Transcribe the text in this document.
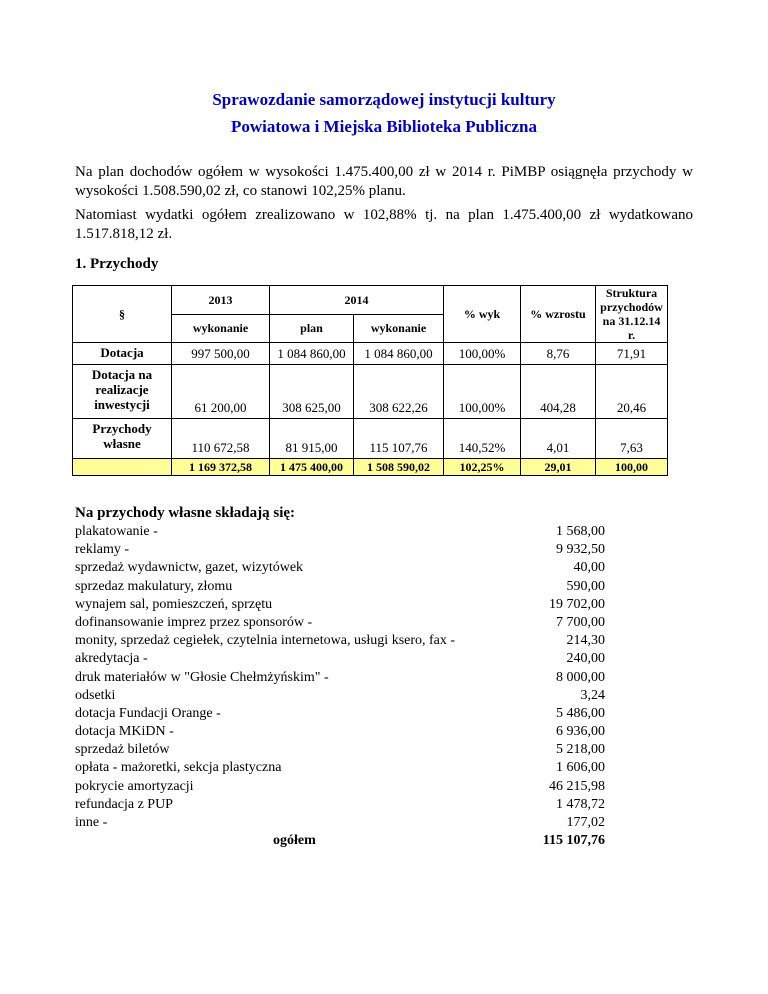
Sprawozdanie samorządowej instytucji kultury
Powiatowa i Miejska Biblioteka Publiczna
Na plan dochodów ogółem w wysokości 1.475.400,00 zł w 2014 r. PiMBP osiągnęła przychody w wysokości 1.508.590,02 zł, co stanowi 102,25% planu.
Natomiast wydatki ogółem zrealizowano w 102,88% tj. na plan 1.475.400,00 zł wydatkowano 1.517.818,12 zł.
1. Przychody
§	2013	2014		% wyk	% wzrostu	Struktura przychodów na 31.12.14 r.
	wykonanie	plan	wykonanie			
Dotacja	997 500,00	1 084 860,00	1 084 860,00	100,00%	8,76	71,91
Dotacja na realizacje inwestycji	61 200,00	308 625,00	308 622,26	100,00%	404,28	20,46
Przychody własne	110 672,58	81 915,00	115 107,76	140,52%	4,01	7,63
	1 169 372,58	1 475 400,00	1 508 590,02	102,25%	29,01	100,00
Na przychody własne składają się:
plakatowanie -	1 568,00
reklamy -	9 932,50
sprzedaż wydawnictw, gazet, wizytówek	40,00
sprzedaz makulatury, złomu	590,00
wynajem sal, pomieszczeń, sprzętu	19 702,00
dofinansowanie imprez przez sponsorów -	7 700,00
monity, sprzedaż cegiełek, czytelnia internetowa, usługi ksero, fax -	214,30
akredytacja -	240,00
druk materiałów w "Głosie Chełmżyńskim" -	8 000,00
odsetki	3,24
dotacja Fundacji Orange -	5 486,00
dotacja MKiDN -	6 936,00
sprzedaż biletów	5 218,00
opłata - mażoretki, sekcja plastyczna	1 606,00
pokrycie amortyzacji	46 215,98
refundacja z PUP	1 478,72
inne -	177,02
ogółem	115 107,76
